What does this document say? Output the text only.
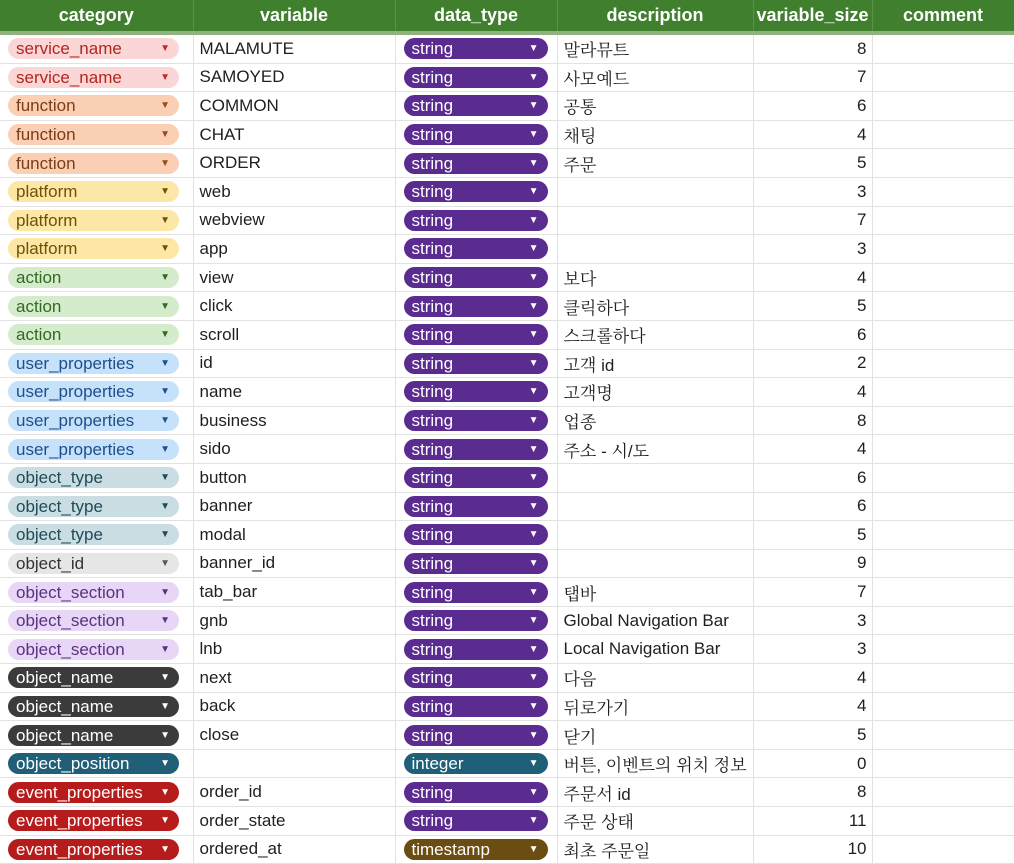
category	variable	data_type	description	variable_size	comment

service_name ▼	MALAMUTE	string ▼	말라뮤트	8	

service_name ▼	SAMOYED	string ▼	사모예드	7	

function ▼	COMMON	string ▼	공통	6	

function ▼	CHAT	string ▼	채팅	4	

function ▼	ORDER	string ▼	주문	5	

platform ▼	web	string ▼		3	

platform ▼	webview	string ▼		7	

platform ▼	app	string ▼		3	

action ▼	view	string ▼	보다	4	

action ▼	click	string ▼	클릭하다	5	

action ▼	scroll	string ▼	스크롤하다	6	

user_properties ▼	id	string ▼	고객 id	2	

user_properties ▼	name	string ▼	고객명	4	

user_properties ▼	business	string ▼	업종	8	

user_properties ▼	sido	string ▼	주소 - 시/도	4	

object_type ▼	button	string ▼		6	

object_type ▼	banner	string ▼		6	

object_type ▼	modal	string ▼		5	

object_id ▼	banner_id	string ▼		9	

object_section ▼	tab_bar	string ▼	탭바	7	

object_section ▼	gnb	string ▼	Global Navigation Bar	3	

object_section ▼	lnb	string ▼	Local Navigation Bar	3	

object_name ▼	next	string ▼	다음	4	

object_name ▼	back	string ▼	뒤로가기	4	

object_name ▼	close	string ▼	닫기	5	

object_position ▼		integer ▼	버튼, 이벤트의 위치 정보	0	

event_properties ▼	order_id	string ▼	주문서 id	8	

event_properties ▼	order_state	string ▼	주문 상태	11	

event_properties ▼	ordered_at	timestamp ▼	최초 주문일	10	
